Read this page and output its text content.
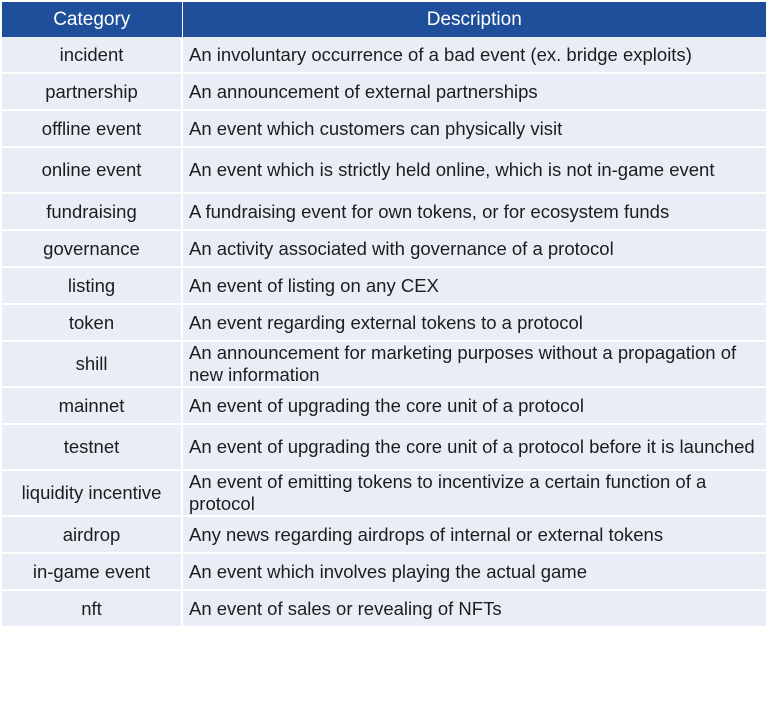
Category	Description
incident	An involuntary occurrence of a bad event (ex. bridge exploits)
partnership	An announcement of external partnerships
offline event	An event which customers can physically visit
online event	An event which is strictly held online, which is not in-game event
fundraising	A fundraising event for own tokens, or for ecosystem funds
governance	An activity associated with governance of a protocol
listing	An event of listing on any CEX
token	An event regarding external tokens to a protocol
shill	An announcement for marketing purposes without a propagation of new information
mainnet	An event of upgrading the core unit of a protocol
testnet	An event of upgrading the core unit of a protocol before it is launched
liquidity incentive	An event of emitting tokens to incentivize a certain function of a protocol
airdrop	Any news regarding airdrops of internal or external tokens
in-game event	An event which involves playing the actual game
nft	An event of sales or revealing of NFTs
